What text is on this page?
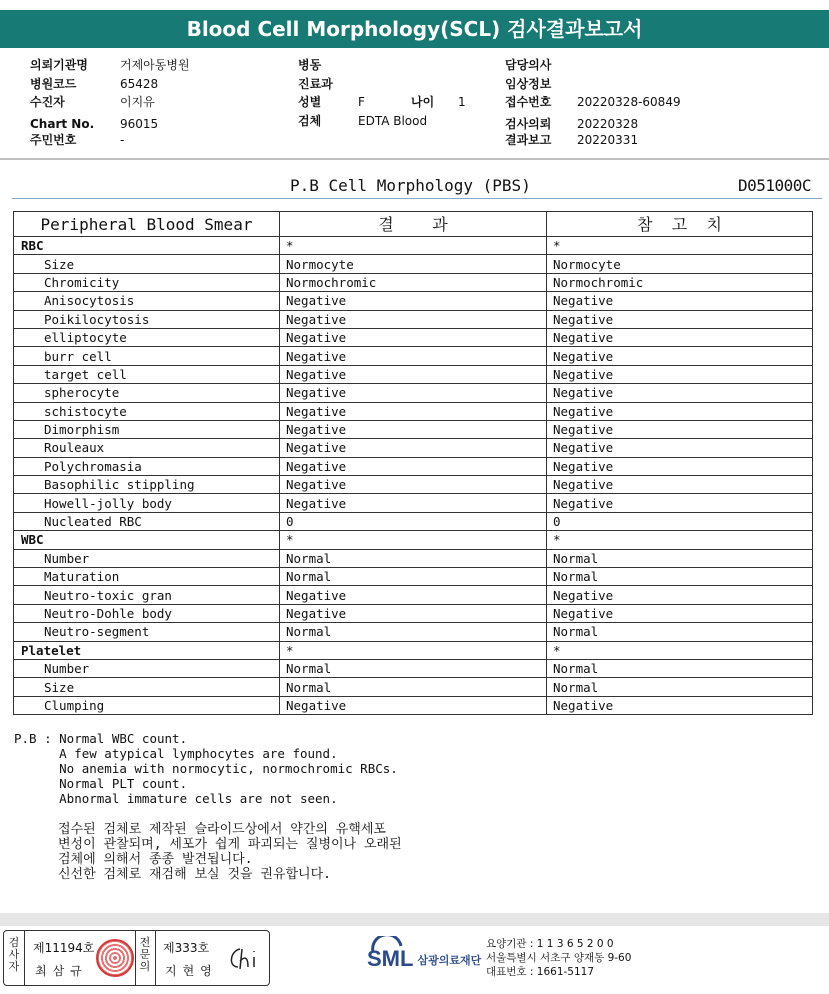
Blood Cell Morphology(SCL) 검사결과보고서
의뢰기관명	거제아동병원
병원코드	65428
수진자	이지유
Chart No. 96015
주민번호	-
병동
진료과
성별	F
검체	EDTA Blood
담당의사
임상정보
접수번호 20220328-60849
검사의뢰 20220328
결과보고 20220331
나이 1
P.B Cell Morphology (PBS)	D051000C
Peripheral Blood Smear	결    과	참  고  치
RBC	*	*
Size	Normocyte	Normocyte
Chromicity	Normochromic	Normochromic
Anisocytosis	Negative	Negative
Poikilocytosis	Negative	Negative
elliptocyte	Negative	Negative
burr cell	Negative	Negative
target cell	Negative	Negative
spherocyte	Negative	Negative
schistocyte	Negative	Negative
Dimorphism	Negative	Negative
Rouleaux	Negative	Negative
Polychromasia	Negative	Negative
Basophilic stippling	Negative	Negative
Howell-jolly body	Negative	Negative
Nucleated RBC	0	0
WBC	*	*
Number	Normal	Normal
Maturation	Normal	Normal
Neutro-toxic gran	Negative	Negative
Neutro-Dohle body	Negative	Negative
Neutro-segment	Normal	Normal
Platelet	*	*
Number	Normal	Normal
Size	Normal	Normal
Clumping	Negative	Negative
P.B : Normal WBC count.
A few atypical lymphocytes are found.
No anemia with normocytic, normochromic RBCs.
Normal PLT count.
Abnormal immature cells are not seen.
접수된 검체로 제작된 슬라이드상에서 약간의 유핵세포
변성이 관찰되며, 세포가 쉽게 파괴되는 질병이나 오래된
검체에 의해서 종종 발견됩니다.
신선한 검체로 재검해 보실 것을 권유합니다.
검사자
제11194호
최삼규
전문의
제333호
지현영	SML $_{삼광의료재단}$
요양기관 : 1 1 3 6 5 2 0 0
서울특별시 서초구 양재동 9-60
대표번호 : 1661-5117
